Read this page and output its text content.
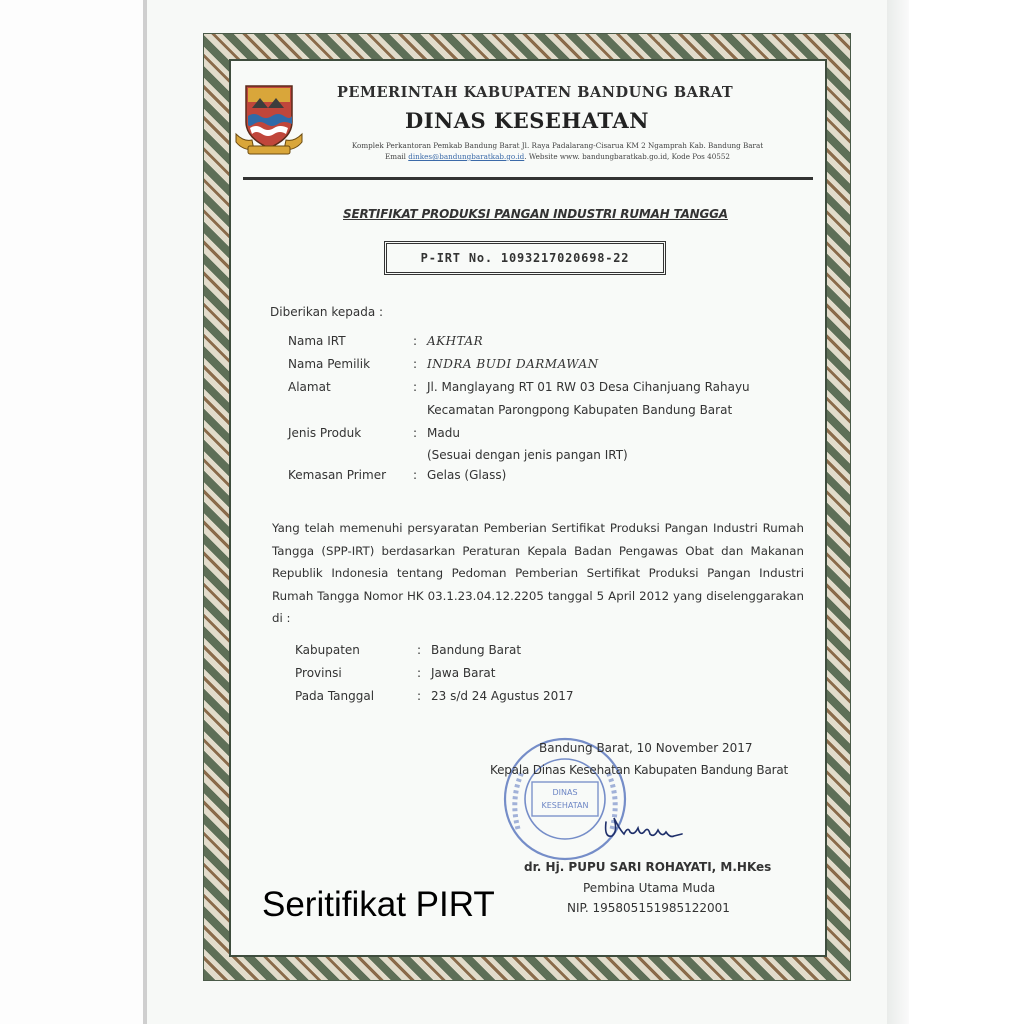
PEMERINTAH KABUPATEN BANDUNG BARAT
DINAS KESEHATAN
Komplek Perkantoran Pemkab Bandung Barat Jl. Raya Padalarang-Cisarua KM 2 Ngamprah Kab. Bandung Barat
Email dinkes@bandungbaratkab.go.id. Website www. bandungbaratkab.go.id, Kode Pos 40552
SERTIFIKAT PRODUKSI PANGAN INDUSTRI RUMAH TANGGA
P-IRT No. 1093217020698-22
Diberikan kepada :
Nama IRT	: AKHTAR
Nama Pemilik	: INDRA BUDI DARMAWAN
Alamat	: Jl. Manglayang RT 01 RW 03 Desa Cihanjuang Rahayu
Kecamatan Parongpong Kabupaten Bandung Barat
Jenis Produk	: Madu
(Sesuai dengan jenis pangan IRT)
Kemasan Primer : Gelas (Glass)
Yang telah memenuhi persyaratan Pemberian Sertifikat Produksi Pangan Industri Rumah Tangga (SPP-IRT) berdasarkan Peraturan Kepala Badan Pengawas Obat dan Makanan Republik Indonesia tentang Pedoman Pemberian Sertifikat Produksi Pangan Industri Rumah Tangga Nomor HK 03.1.23.04.12.2205 tanggal 5 April 2012 yang diselenggarakan di :
Kabupaten	: Bandung Barat
Provinsi	: Jawa Barat
Pada Tanggal	: 23 s/d 24 Agustus 2017
DINAS
KESEHATAN
Bandung Barat, 10 November 2017
Kepala Dinas Kesehatan Kabupaten Bandung Barat
dr. Hj. PUPU SARI ROHAYATI, M.HKes
Pembina Utama Muda
NIP. 195805151985122001
Seritifikat PIRT
